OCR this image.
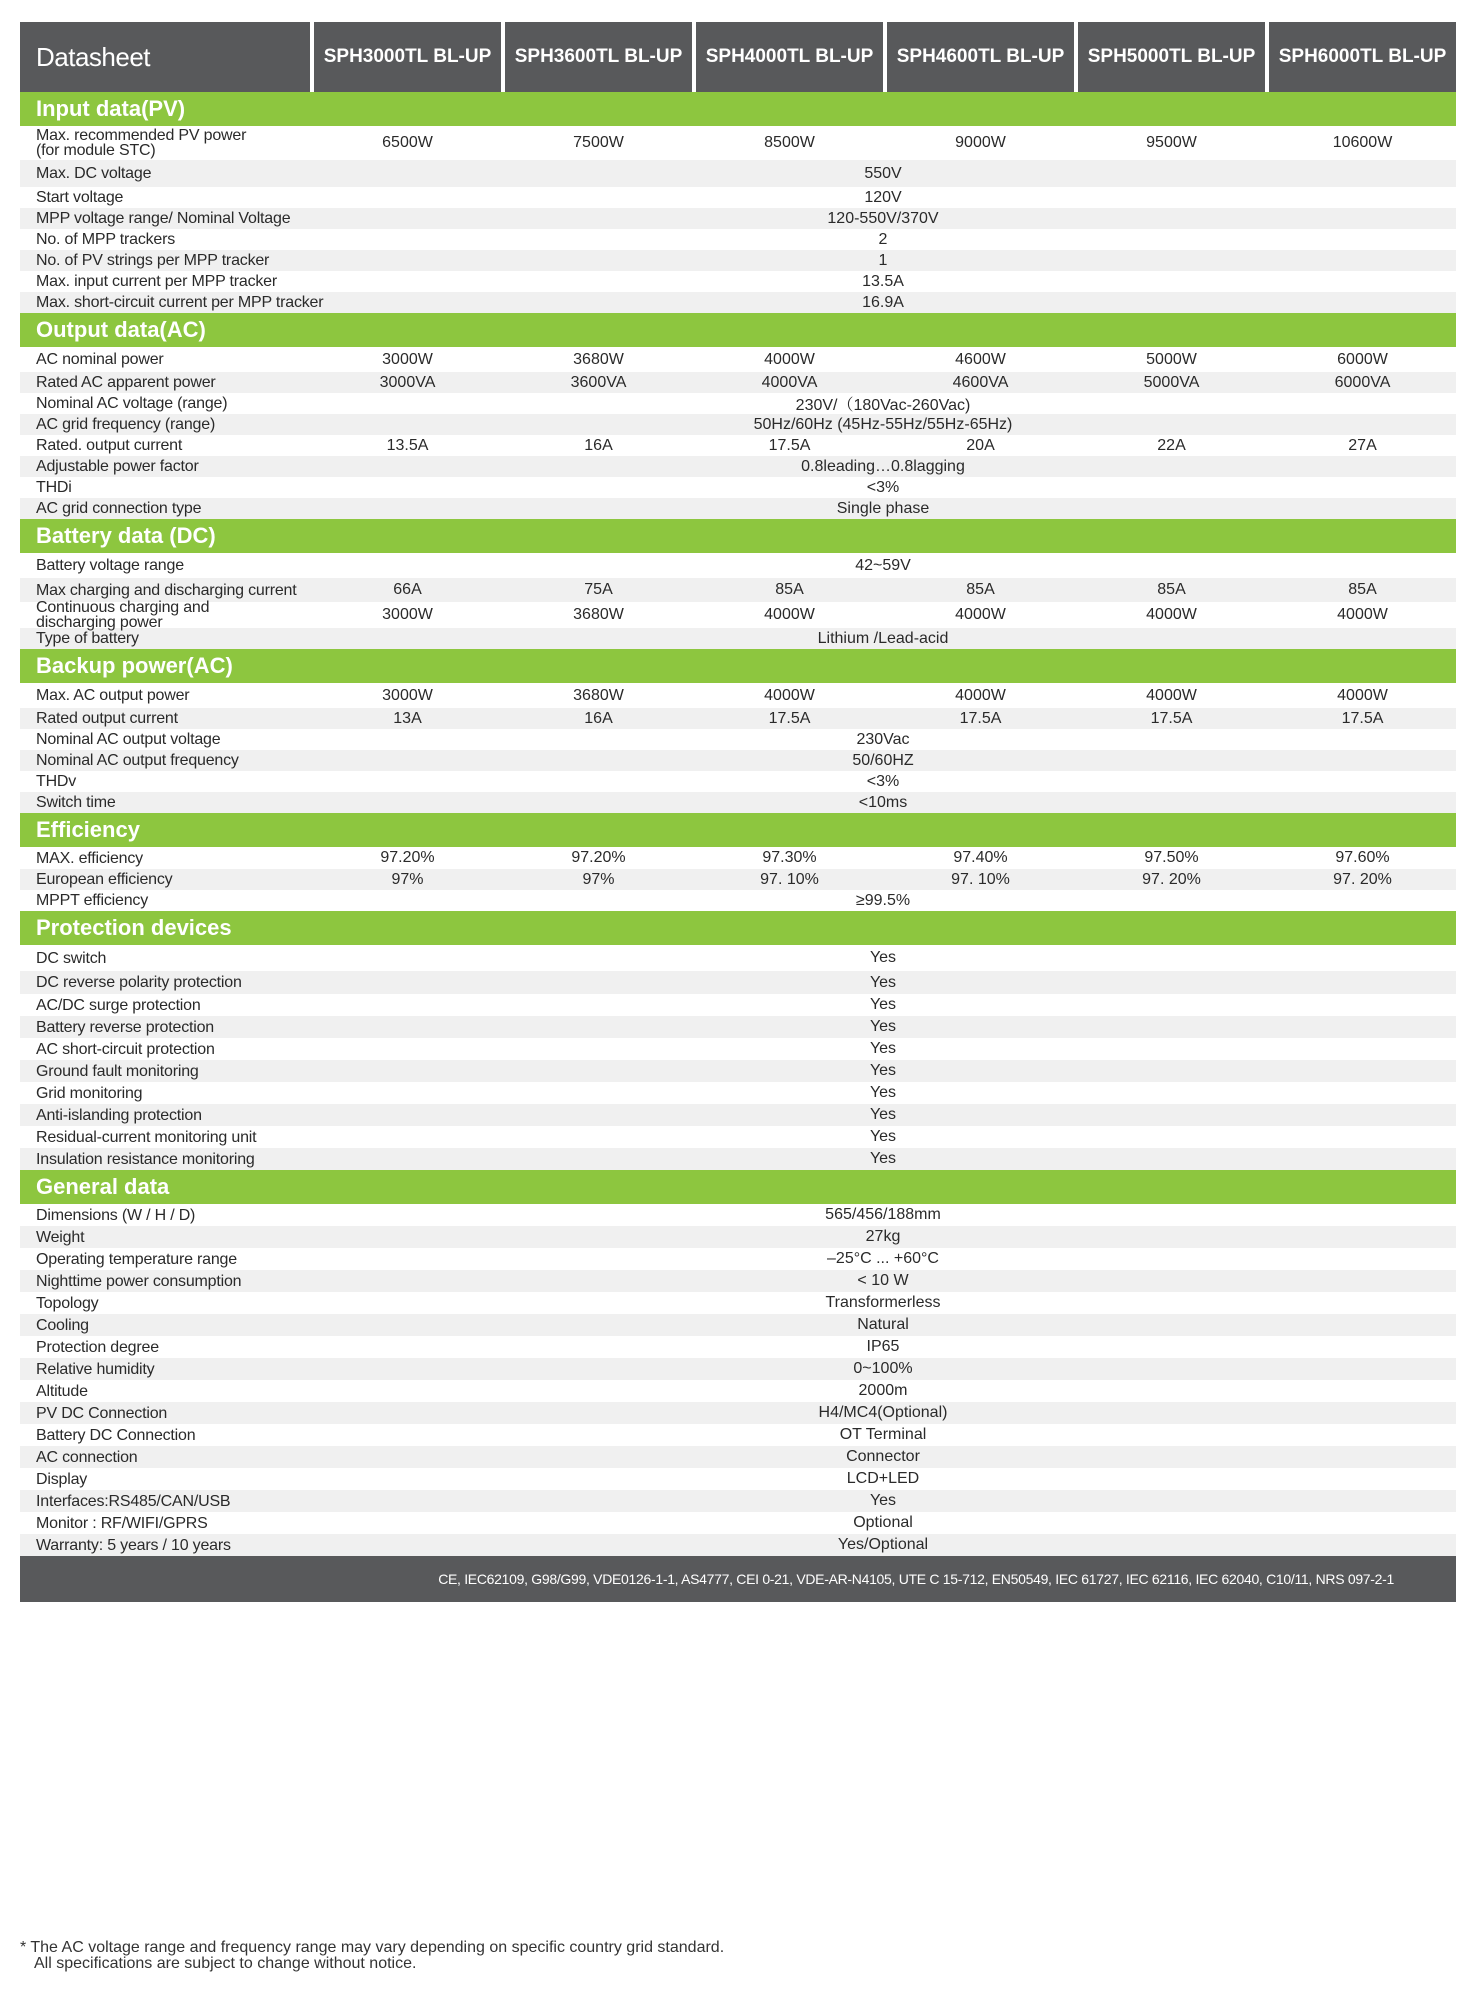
Datasheet	SPH3000TL BL-UP	SPH3600TL BL-UP	SPH4000TL BL-UP	SPH4600TL BL-UP	SPH5000TL BL-UP	SPH6000TL BL-UP
Input data(PV)
Max. recommended PV power
(for module STC)	6500W	7500W	8500W	9000W	9500W	10600W
Max. DC voltage	550V
Start voltage	120V
MPP voltage range/ Nominal Voltage	120-550V/370V
No. of MPP trackers	2
No. of PV strings per MPP tracker	1
Max. input current per MPP tracker	13.5A
Max. short-circuit current per MPP tracker	16.9A
Output data(AC)
AC nominal power	3000W	3680W	4000W	4600W	5000W	6000W
Rated AC apparent power	3000VA	3600VA	4000VA	4600VA	5000VA	6000VA
Nominal AC voltage (range)	230V/（180Vac-260Vac)
AC grid frequency (range)	50Hz/60Hz (45Hz-55Hz/55Hz-65Hz)
Rated. output current	13.5A	16A	17.5A	20A	22A	27A
Adjustable power factor	0.8leading…0.8lagging
THDi	<3%
AC grid connection type	Single phase
Battery data (DC)
Battery voltage range	42~59V
Max charging and discharging current	66A	75A	85A	85A	85A	85A
Continuous charging and
discharging power	3000W	3680W	4000W	4000W	4000W	4000W
Type of battery	Lithium /Lead-acid
Backup power(AC)
Max. AC output power	3000W	3680W	4000W	4000W	4000W	4000W
Rated output current	13A	16A	17.5A	17.5A	17.5A	17.5A
Nominal AC output voltage	230Vac
Nominal AC output frequency	50/60HZ
THDv	<3%
Switch time	<10ms
Efficiency
MAX. efficiency	97.20%	97.20%	97.30%	97.40%	97.50%	97.60%
European efficiency	97%	97%	97. 10%	97. 10%	97. 20%	97. 20%
MPPT efficiency	≥99.5%
Protection devices
DC switch	Yes
DC reverse polarity protection	Yes
AC/DC surge protection	Yes
Battery reverse protection	Yes
AC short-circuit protection	Yes
Ground fault monitoring	Yes
Grid monitoring	Yes
Anti-islanding protection	Yes
Residual-current monitoring unit	Yes
Insulation resistance monitoring	Yes
General data
Dimensions (W / H / D)	565/456/188mm
Weight	27kg
Operating temperature range	–25°C ... +60°C
Nighttime power consumption	< 10 W
Topology	Transformerless
Cooling	Natural
Protection degree	IP65
Relative humidity	0~100%
Altitude	2000m
PV DC Connection	H4/MC4(Optional)
Battery DC Connection	OT Terminal
AC connection	Connector
Display	LCD+LED
Interfaces:RS485/CAN/USB	Yes
Monitor : RF/WIFI/GPRS	Optional
Warranty: 5 years / 10 years	Yes/Optional
CE, IEC62109, G98/G99, VDE0126-1-1, AS4777, CEI 0-21, VDE-AR-N4105, UTE C 15-712, EN50549, IEC 61727, IEC 62116, IEC 62040, C10/11, NRS 097-2-1
* The AC voltage range and frequency range may vary depending on specific country grid standard.
All specifications are subject to change without notice.
